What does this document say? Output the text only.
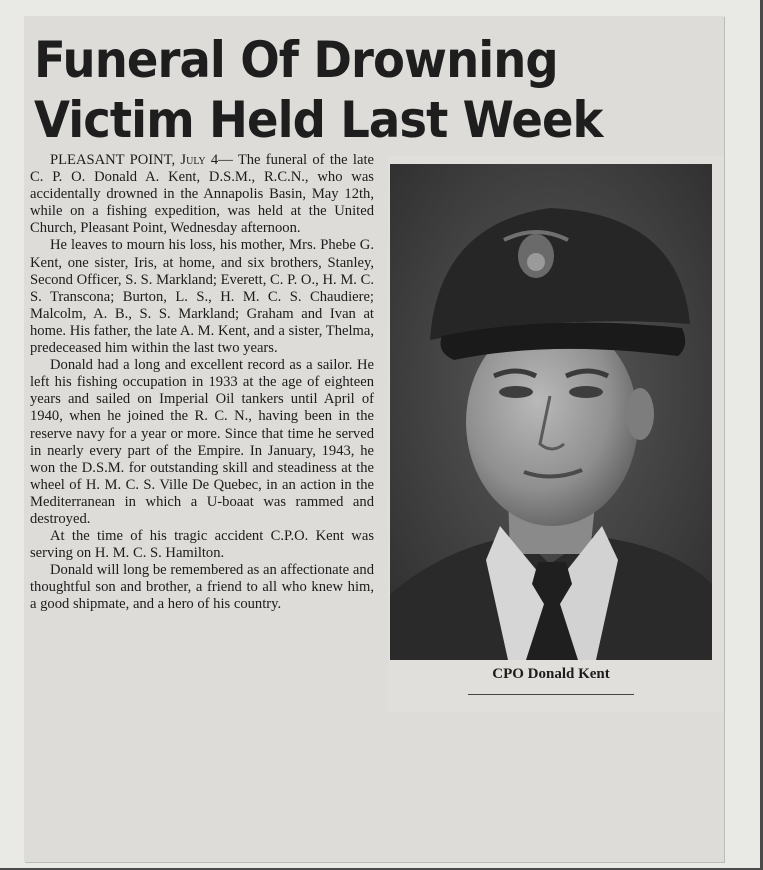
Funeral Of Drowning
Victim Held Last Week

PLEASANT POINT, July 4— The funeral of the late C. P. O. Donald A. Kent, D.S.M., R.C.N., who was accidentally drowned in the Annapolis Basin, May 12th, while on a fishing expedition, was held at the United Church, Pleasant Point, Wednesday afternoon.

He leaves to mourn his loss, his mother, Mrs. Phebe G. Kent, one sister, Iris, at home, and six brothers, Stanley, Second Officer, S. S. Markland; Everett, C. P. O., H. M. C. S. Transcona; Burton, L. S., H. M. C. S. Chaudiere; Malcolm, A. B., S. S. Markland; Graham and Ivan at home. His father, the late A. M. Kent, and a sister, Thelma, predeceased him within the last two years.

Donald had a long and excellent record as a sailor. He left his fishing occupation in 1933 at the age of eighteen years and sailed on Imperial Oil tankers until April of 1940, when he joined the R. C. N., having been in the reserve navy for a year or more. Since that time he served in nearly every part of the Empire. In January, 1943, he won the D.S.M. for outstanding skill and steadiness at the wheel of H. M. C. S. Ville De Quebec, in an action in the Mediterranean in which a U-boaat was rammed and destroyed.

At the time of his tragic accident C.P.O. Kent was serving on H. M. C. S. Hamilton.

Donald will long be remembered as an affectionate and thoughtful son and brother, a friend to all who knew him, a good shipmate, and a hero of his country.

CPO Donald Kent
